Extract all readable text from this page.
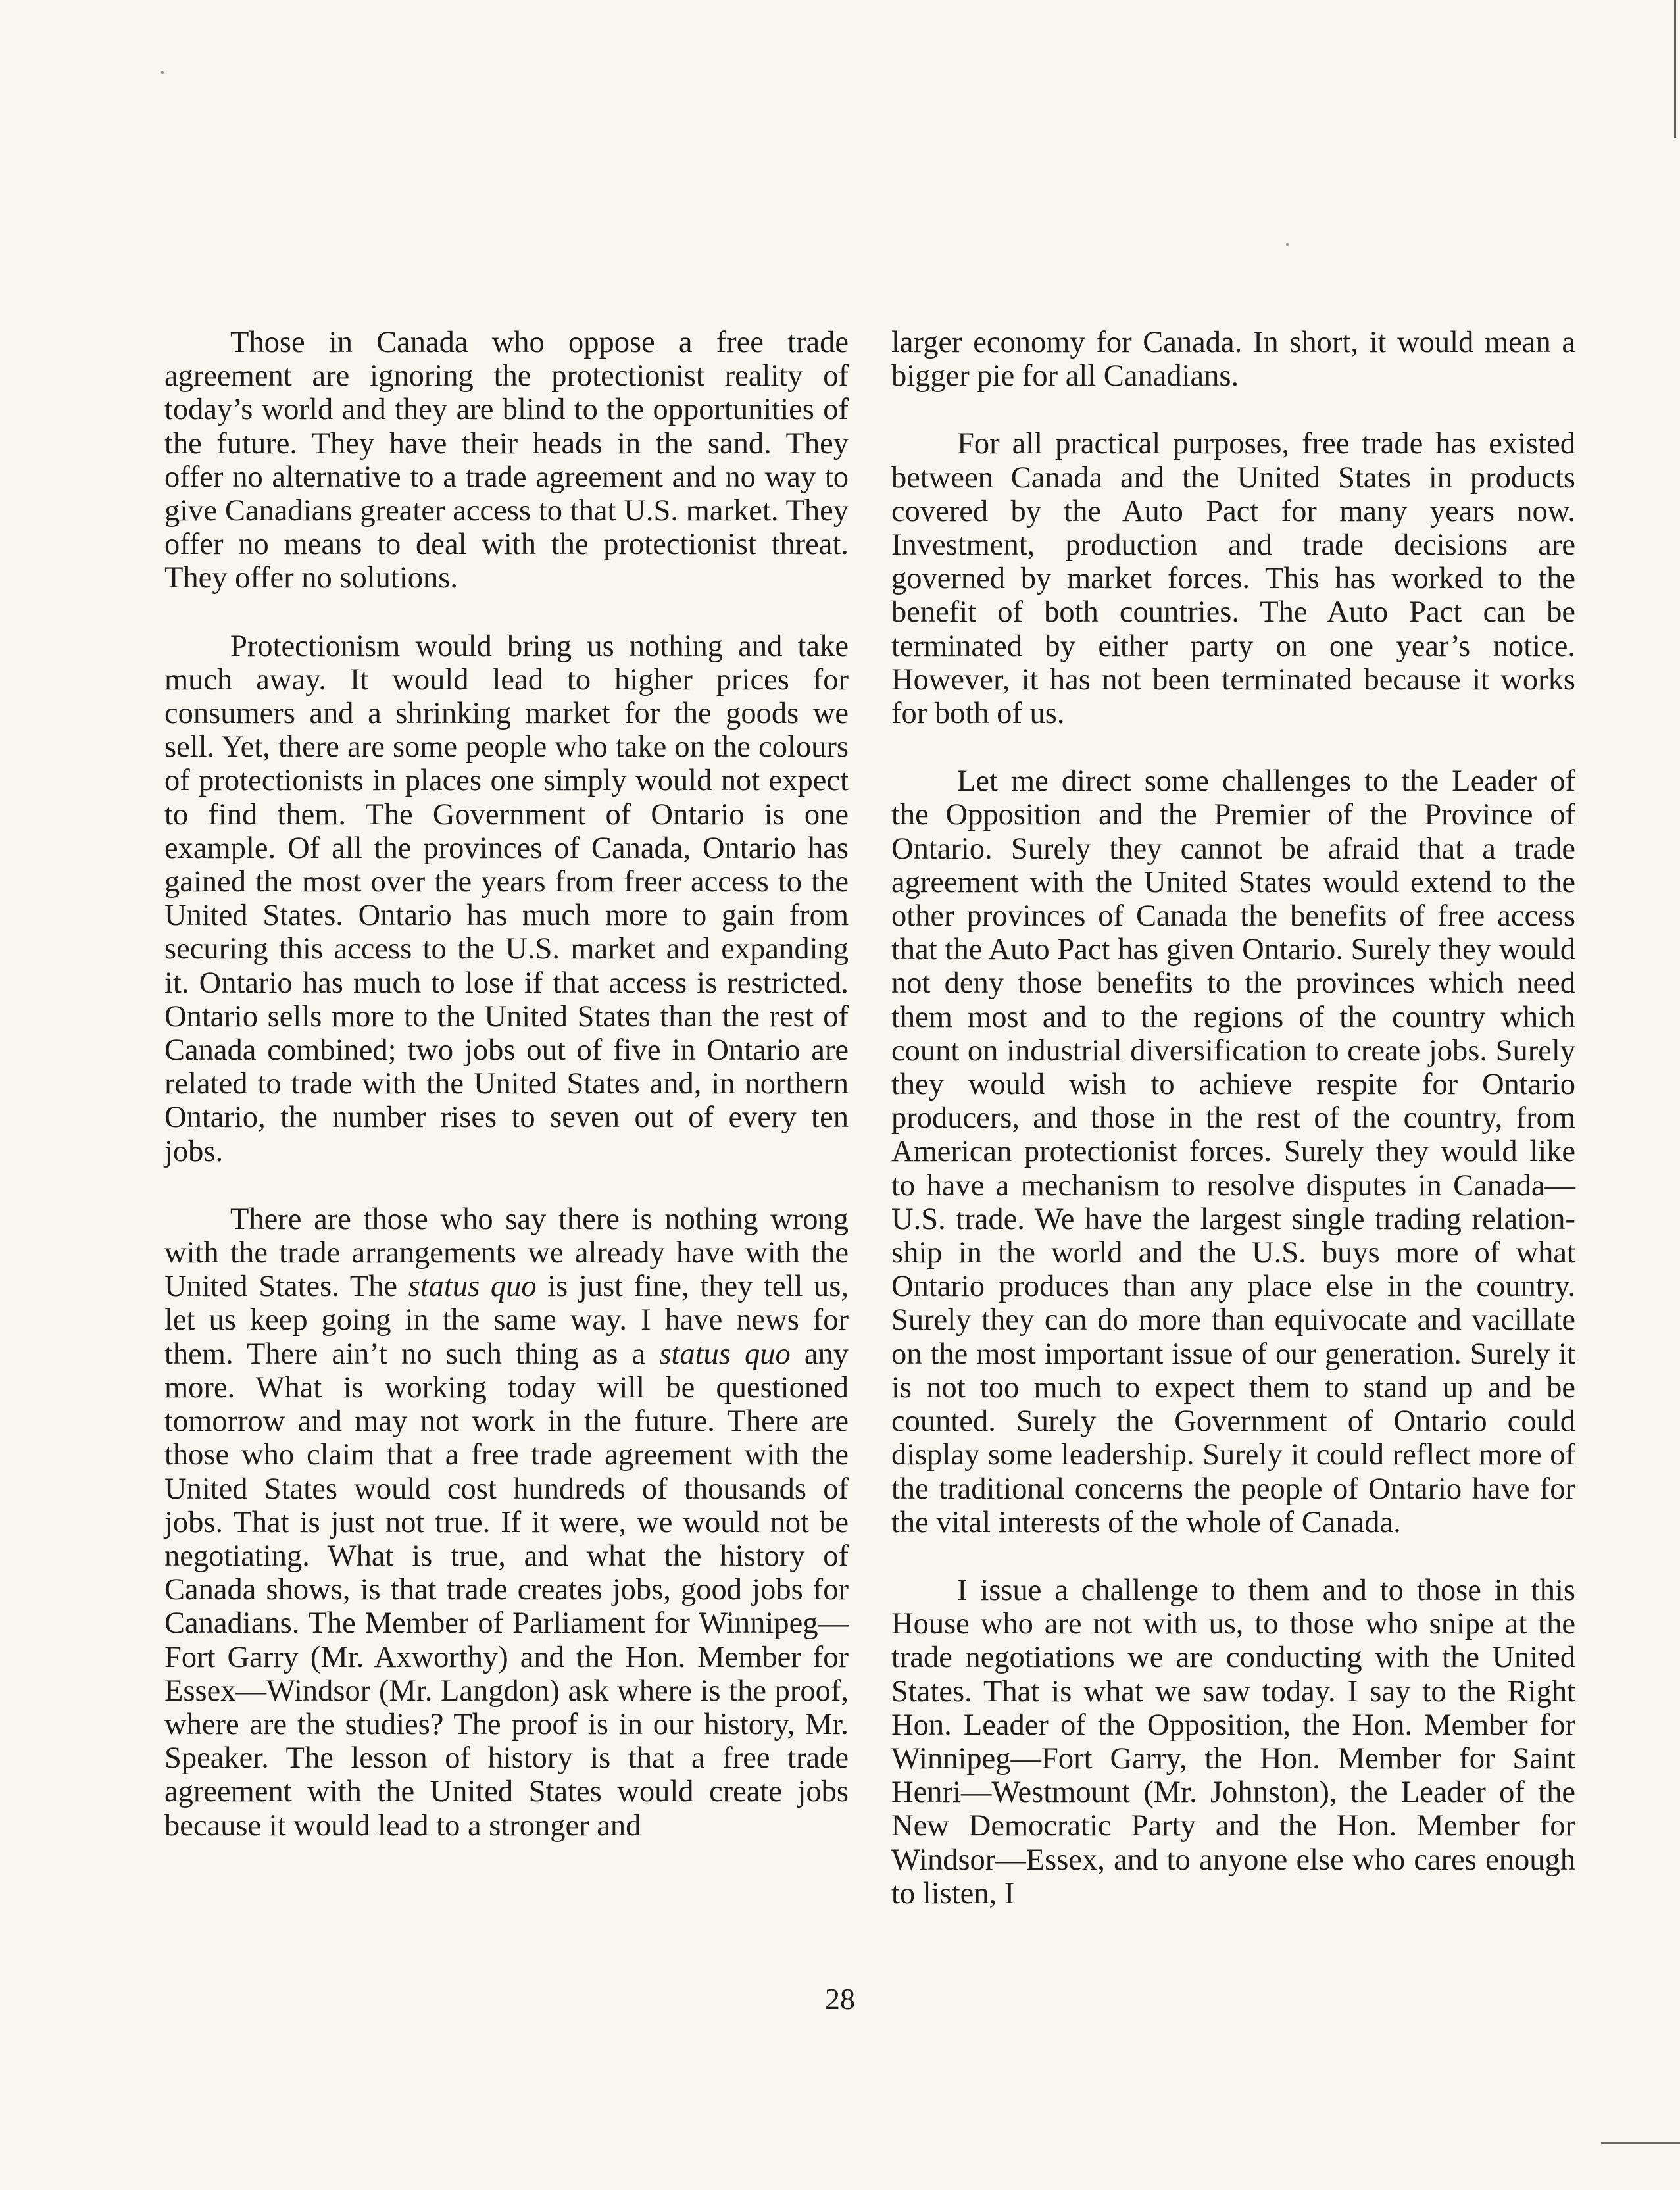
Those in Canada who oppose a free trade agreement are ignoring the protectionist reality of today’s world and they are blind to the opportunities of the future. They have their heads in the sand. They offer no alternative to a trade agreement and no way to give Canadians greater access to that U.S. market. They offer no means to deal with the protectionist threat. They offer no solutions.

Protectionism would bring us nothing and take much away. It would lead to higher prices for consumers and a shrinking market for the goods we sell. Yet, there are some people who take on the colours of protectionists in places one simply would not expect to find them. The Government of Ontario is one example. Of all the provinces of Canada, Ontario has gained the most over the years from freer access to the United States. Ontario has much more to gain from securing this access to the U.S. market and expanding it. Ontario has much to lose if that access is restricted. Ontario sells more to the United States than the rest of Canada combined; two jobs out of five in Ontario are related to trade with the United States and, in northern Ontario, the number rises to seven out of every ten jobs.

There are those who say there is nothing wrong with the trade arrangements we already have with the United States. The status quo is just fine, they tell us, let us keep going in the same way. I have news for them. There ain’t no such thing as a status quo any more. What is working today will be questioned tomorrow and may not work in the future. There are those who claim that a free trade agreement with the United States would cost hundreds of thousands of jobs. That is just not true. If it were, we would not be negotiating. What is true, and what the history of Canada shows, is that trade creates jobs, good jobs for Canadians. The Member of Parliament for Winnipeg—Fort Garry (Mr. Axworthy) and the Hon. Member for Essex—Windsor (Mr. Langdon) ask where is the proof, where are the studies? The proof is in our history, Mr. Speaker. The lesson of history is that a free trade agreement with the United States would create jobs because it would lead to a stronger and

larger economy for Canada. In short, it would mean a bigger pie for all Canadians.

For all practical purposes, free trade has existed between Canada and the United States in products covered by the Auto Pact for many years now. Investment, production and trade decisions are governed by market forces. This has worked to the benefit of both countries. The Auto Pact can be terminated by either party on one year’s notice. However, it has not been terminated because it works for both of us.

Let me direct some challenges to the Leader of the Opposition and the Premier of the Province of Ontario. Surely they cannot be afraid that a trade agreement with the United States would extend to the other provinces of Canada the benefits of free access that the Auto Pact has given Ontario. Surely they would not deny those benefits to the provinces which need them most and to the regions of the country which count on industrial diversification to create jobs. Surely they would wish to achieve respite for Ontario producers, and those in the rest of the country, from American protectionist forces. Surely they would like to have a mechanism to resolve disputes in Canada—U.S. trade. We have the largest single trading relationship in the world and the U.S. buys more of what Ontario produces than any place else in the country. Surely they can do more than equivocate and vacillate on the most important issue of our generation. Surely it is not too much to expect them to stand up and be counted. Surely the Government of Ontario could display some leadership. Surely it could reflect more of the traditional concerns the people of Ontario have for the vital interests of the whole of Canada.

I issue a challenge to them and to those in this House who are not with us, to those who snipe at the trade negotiations we are conducting with the United States. That is what we saw today. I say to the Right Hon. Leader of the Opposition, the Hon. Member for Winnipeg—Fort Garry, the Hon. Member for Saint Henri—Westmount (Mr. Johnston), the Leader of the New Democratic Party and the Hon. Member for Windsor—Essex, and to anyone else who cares enough to listen, I

28
